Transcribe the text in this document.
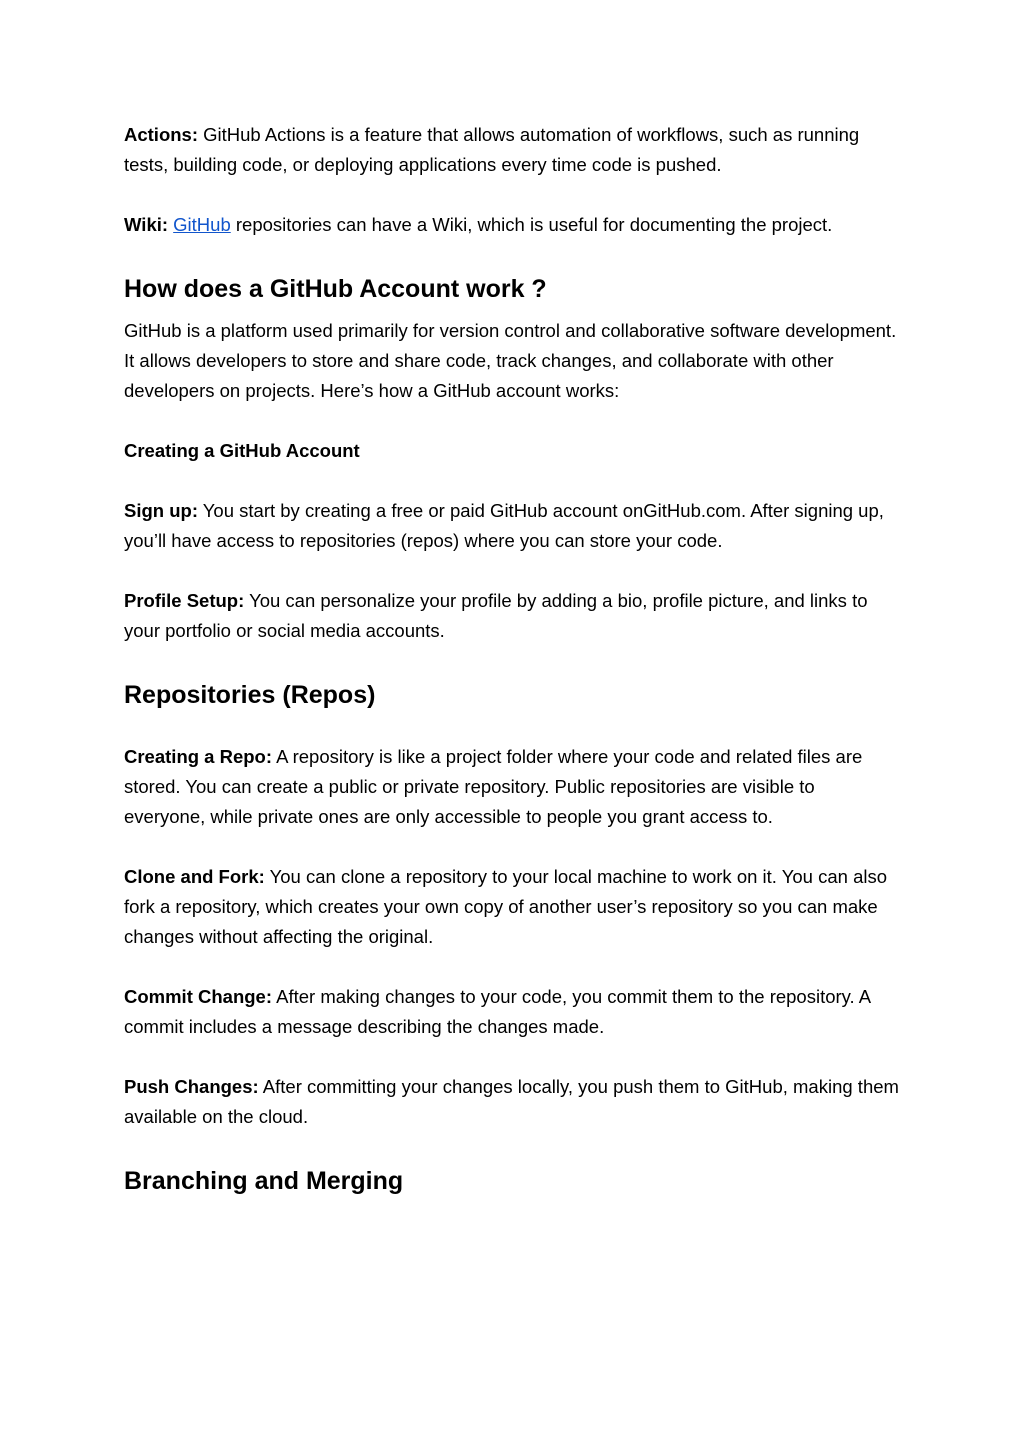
Actions: GitHub Actions is a feature that allows automation of workflows, such as running tests, building code, or deploying applications every time code is pushed.

Wiki: GitHub repositories can have a Wiki, which is useful for documenting the project.

How does a GitHub Account work ?

GitHub is a platform used primarily for version control and collaborative software development. It allows developers to store and share code, track changes, and collaborate with other developers on projects. Here’s how a GitHub account works:

Creating a GitHub Account

Sign up: You start by creating a free or paid GitHub account onGitHub.com. After signing up, you’ll have access to repositories (repos) where you can store your code.

Profile Setup: You can personalize your profile by adding a bio, profile picture, and links to your portfolio or social media accounts.

Repositories (Repos)

Creating a Repo: A repository is like a project folder where your code and related files are stored. You can create a public or private repository. Public repositories are visible to everyone, while private ones are only accessible to people you grant access to.

Clone and Fork: You can clone a repository to your local machine to work on it. You can also fork a repository, which creates your own copy of another user’s repository so you can make changes without affecting the original.

Commit Change: After making changes to your code, you commit them to the repository. A commit includes a message describing the changes made.

Push Changes: After committing your changes locally, you push them to GitHub, making them available on the cloud.

Branching and Merging
